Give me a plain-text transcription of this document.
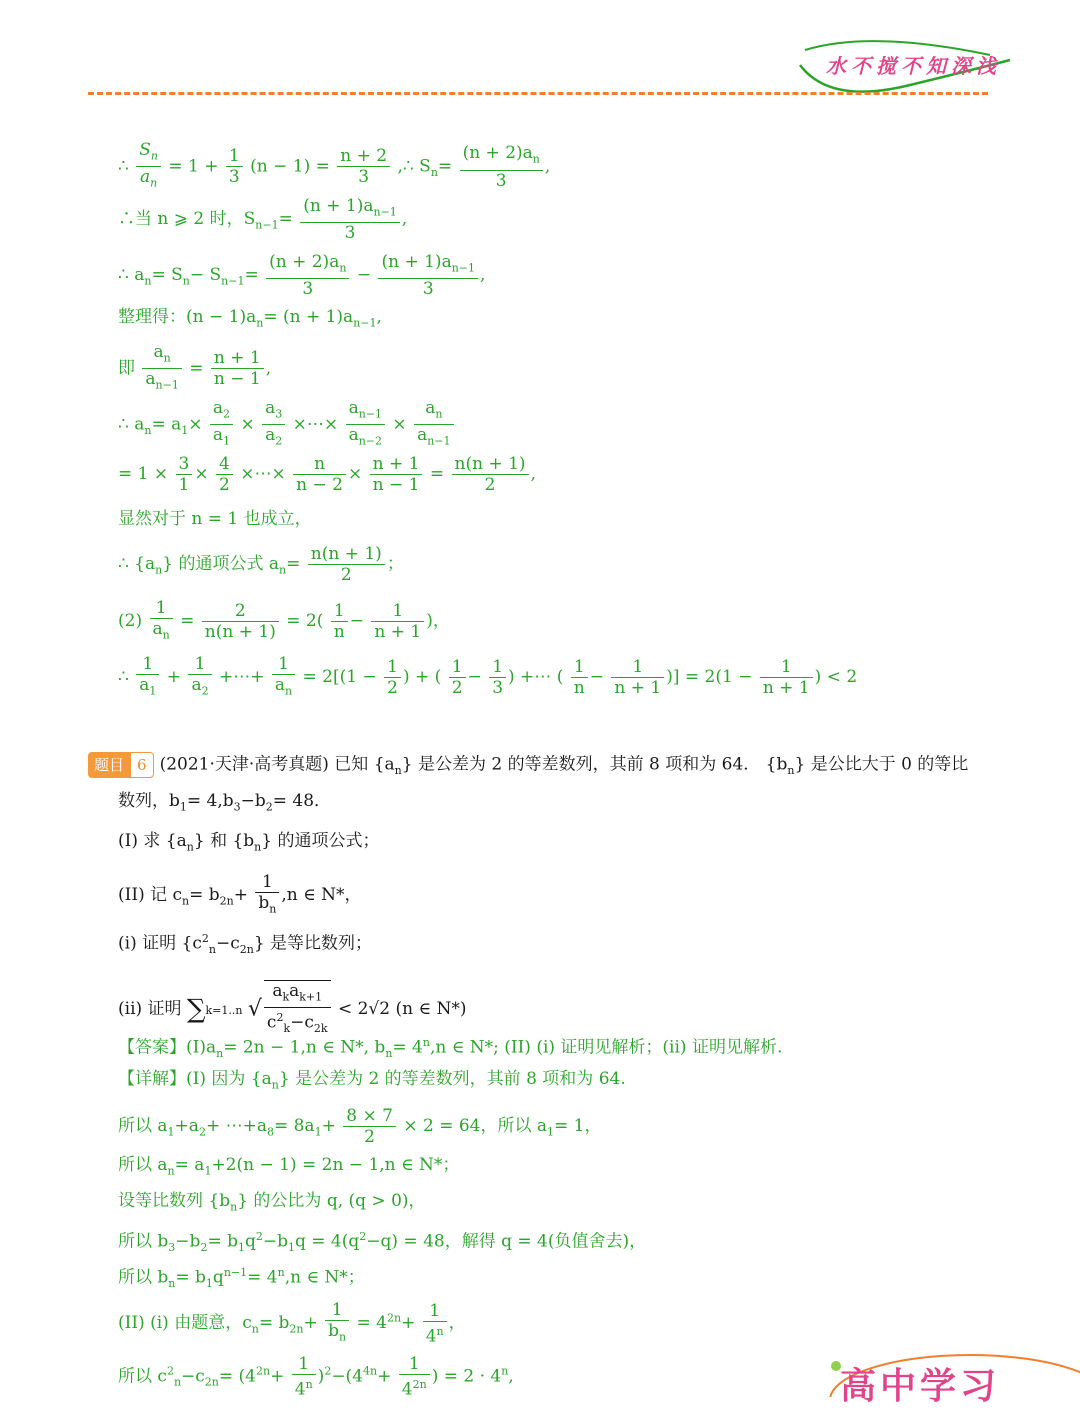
水不搅不知深浅
∴ $\frac{S_n}{a_n} = 1 + \frac{1}{3} (n - 1) = \frac{n + 2}{3}$ ,∴ $S_n= \frac{(n + 2)a_n}{3}$ ,
∴当 n ⩾ 2 时，$S_{n-1}= \frac{(n + 1)a_{n-1}}{3}$ ,
∴ $a_n= S_n- S_{n-1}= \frac{(n + 2)a_n}{3} - \frac{(n + 1)a_{n-1}}{3}$ ,
整理得：$(n - 1)a_n= (n + 1)a_{n-1}$,
即 $\frac{a_n}{a_{n-1}} = \frac{n + 1}{n - 1}$ ,
∴ $a_n= a_1\times \frac{a_2}{a_1} \times \frac{a_3}{a_2}$ ×⋯× $\frac{a_{n-1}}{a_{n-2}} \times \frac{a_n}{a_{n-1}}$
= $1 \times \frac{3}{1} \times \frac{4}{2}$ ×⋯× $\frac{n}{n - 2} \times \frac{n + 1}{n - 1} = \frac{n(n + 1)}{2}$ ,
显然对于 n = 1 也成立，
∴ $\{a_n\}$ 的通项公式 $a_n= \frac{n(n + 1)}{2}$ ；
$(2) \frac{1}{a_n} = \frac{2}{n(n + 1)} = 2( \frac{1}{n} - \frac{1}{n + 1}$ )，
∴ $\frac{1}{a_1} + \frac{1}{a_2}$ +⋯+ $\frac{1}{a_n} = 2[(1 - \frac{1}{2}$ ) + ( $\frac{1}{2} - \frac{1}{3}$ ) +⋯ ( $\frac{1}{n} - \frac{1}{n + 1}$ )] = $2(1 - \frac{1}{n + 1}$ ) < 2
题目 6 (2021·天津·高考真题) 已知 $\{a_n\}$ 是公差为 2 的等差数列，其前 8 项和为 64． $\{b_n\}$ 是公比大于 0 的等比
数列，$b_1= 4,b_3-b_2= 48$．
(I) 求 $\{a_n\}$ 和 $\{b_n\}$ 的通项公式；
(II) 记 $c_n= b_{2n}+ \frac{1}{b_n} ,n$ ∈ N*，
(i) 证明 $\{c^2_n-c_{2n}\}$ 是等比数列；
(ii) 证明 ∑k=1..n √ $\frac{a_ka_{k+1}}{c^2_k-c_{2k}} < 2√2$ (n ∈ N*)
【答案】$(I)a_n= 2n - 1,n$ ∈ N*, $b_n= 4^n,n$ ∈ N*; (II) (i) 证明见解析；(ii) 证明见解析.
【详解】(I) 因为 $\{a_n\}$ 是公差为 2 的等差数列，其前 8 项和为 64.
所以 $a_1+a_2+$ $\cdots+a_8= 8a_1+ \frac{8 \times 7}{2} \times 2 = 64$，所以 $a_1= 1$，
所以 $a_n= a_1+2(n - 1) = 2n - 1,n$ ∈ N*；
设等比数列 $\{b_n\}$ 的公比为 q, (q > 0)，
所以 $b_3-b_2= b_1q^2-b_1q = 4(q^2-q) = 48$，解得 q = 4(负值舍去)，
所以 $b_n= b_1q^{n-1}= 4^n,n$ ∈ N*；
(II) (i) 由题意，$c_n= b_{2n}+ \frac{1}{b_n} = 4^{2n}+ \frac{1}{4^n}$ ，
所以 $c^2_n-c_{2n}= (4^{2n}+ \frac{1}{4^n} )^2-(4^{4n}+ \frac{1}{4^{2n}}$ ) = $2 \cdot 4^n$,	高中学习
